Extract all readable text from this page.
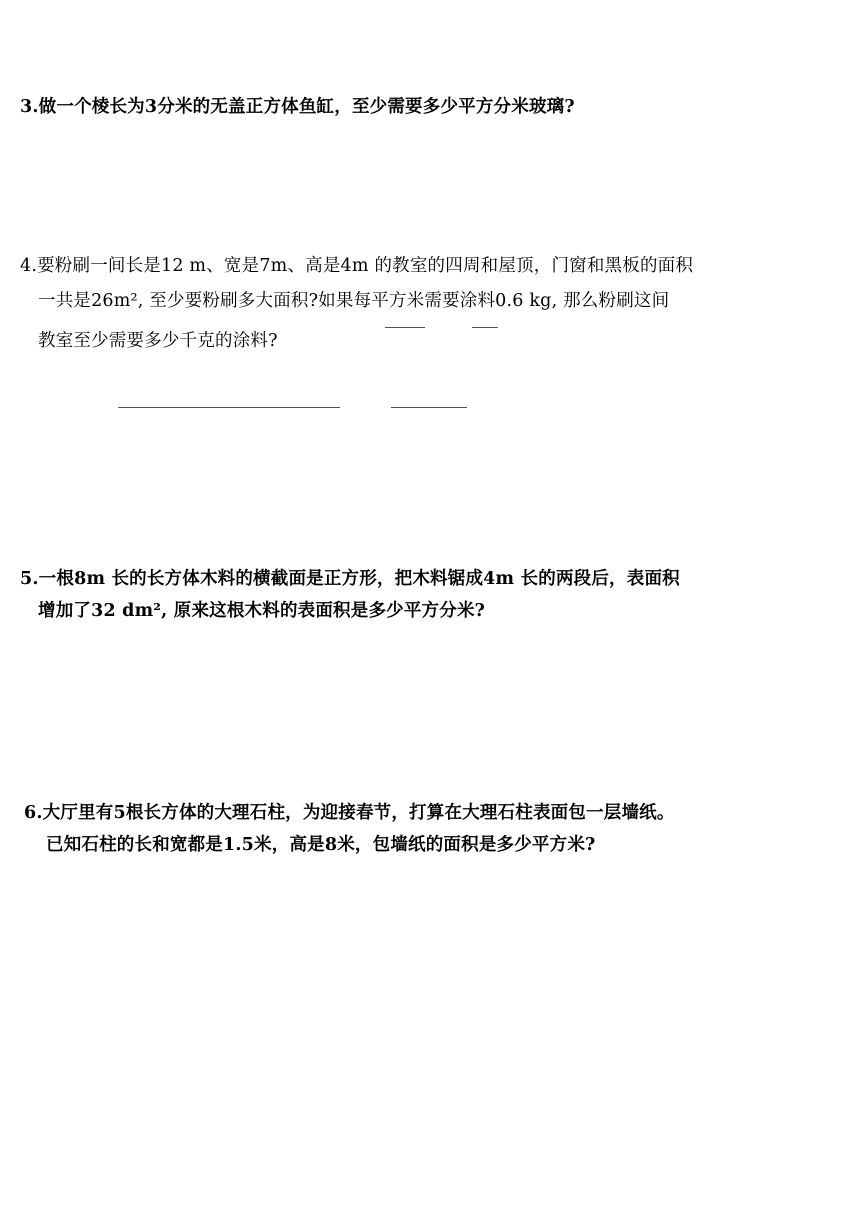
3.做一个棱长为3分米的无盖正方体鱼缸，至少需要多少平方分米玻璃?
4.要粉刷一间长是12 m、宽是7m、高是4m 的教室的四周和屋顶，门窗和黑板的面积
一共是26m², 至少要粉刷多大面积?如果每平方米需要涂料0.6 kg, 那么粉刷这间
教室至少需要多少千克的涂料?
5.一根8m 长的长方体木料的横截面是正方形，把木料锯成4m 长的两段后，表面积
增加了32 dm², 原来这根木料的表面积是多少平方分米?
6.大厅里有5根长方体的大理石柱，为迎接春节，打算在大理石柱表面包一层墙纸。
已知石柱的长和宽都是1.5米，高是8米，包墙纸的面积是多少平方米?
